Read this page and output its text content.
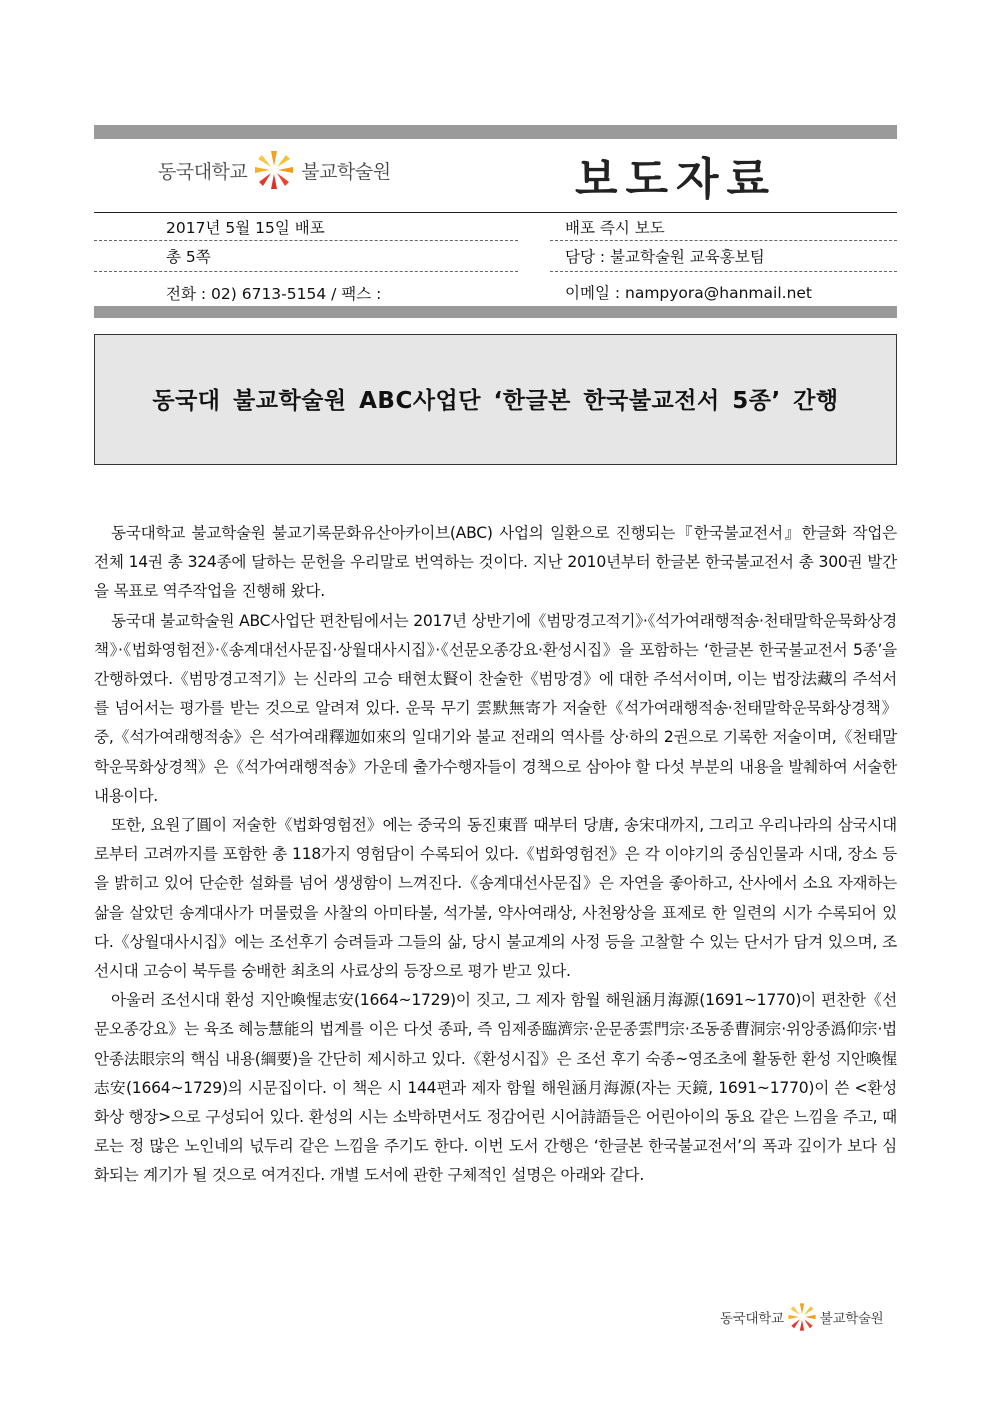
동국대학교	불교학술원	보도자료
2017년 5월 15일 배포	배포 즉시 보도
총 5쪽	담당 : 불교학술원 교육홍보팀
전화 : 02) 6713-5154 / 팩스 :	이메일 : nampyora@hanmail.net
동국대 불교학술원 ABC사업단 ‘한글본 한국불교전서 5종’ 간행

동국대학교 불교학술원 불교기록문화유산아카이브(ABC) 사업의 일환으로 진행되는『한국불교전서』한글화 작업은 전체 14권 총 324종에 달하는 문헌을 우리말로 번역하는 것이다. 지난 2010년부터 한글본 한국불교전서 총 300권 발간을 목표로 역주작업을 진행해 왔다.

동국대 불교학술원 ABC사업단 편찬팀에서는 2017년 상반기에《범망경고적기》·《석가여래행적송·천태말학운묵화상경책》·《법화영험전》·《송계대선사문집·상월대사시집》·《선문오종강요·환성시집》을 포함하는 ‘한글본 한국불교전서 5종’을 간행하였다.《범망경고적기》는 신라의 고승 태현太賢이 찬술한《범망경》에 대한 주석서이며, 이는 법장法藏의 주석서를 넘어서는 평가를 받는 것으로 알려져 있다. 운묵 무기 雲默無寄가 저술한《석가여래행적송·천태말학운묵화상경책》중,《석가여래행적송》은 석가여래釋迦如來의 일대기와 불교 전래의 역사를 상·하의 2권으로 기록한 저술이며,《천태말학운묵화상경책》은《석가여래행적송》가운데 출가수행자들이 경책으로 삼아야 할 다섯 부분의 내용을 발췌하여 서술한 내용이다.

또한, 요원了圓이 저술한《법화영험전》에는 중국의 동진東晋 때부터 당唐, 송宋대까지, 그리고 우리나라의 삼국시대로부터 고려까지를 포함한 총 118가지 영험담이 수록되어 있다.《법화영험전》은 각 이야기의 중심인물과 시대, 장소 등을 밝히고 있어 단순한 설화를 넘어 생생함이 느껴진다.《송계대선사문집》은 자연을 좋아하고, 산사에서 소요 자재하는 삶을 살았던 송계대사가 머물렀을 사찰의 아미타불, 석가불, 약사여래상, 사천왕상을 표제로 한 일련의 시가 수록되어 있다.《상월대사시집》에는 조선후기 승려들과 그들의 삶, 당시 불교계의 사정 등을 고찰할 수 있는 단서가 담겨 있으며, 조선시대 고승이 북두를 숭배한 최초의 사료상의 등장으로 평가 받고 있다.

아울러 조선시대 환성 지안喚惺志安(1664~1729)이 짓고, 그 제자 함월 해원涵月海源(1691~1770)이 편찬한《선문오종강요》는 육조 혜능慧能의 법계를 이은 다섯 종파, 즉 임제종臨濟宗·운문종雲門宗·조동종曹洞宗·위앙종潙仰宗·법안종法眼宗의 핵심 내용(綱要)을 간단히 제시하고 있다.《환성시집》은 조선 후기 숙종~영조초에 활동한 환성 지안喚惺志安(1664~1729)의 시문집이다. 이 책은 시 144편과 제자 함월 해원涵月海源(자는 天鏡, 1691~1770)이 쓴 <환성 화상 행장>으로 구성되어 있다. 환성의 시는 소박하면서도 정감어린 시어詩語들은 어린아이의 동요 같은 느낌을 주고, 때로는 정 많은 노인네의 넋두리 같은 느낌을 주기도 한다. 이번 도서 간행은 ‘한글본 한국불교전서’의 폭과 깊이가 보다 심화되는 계기가 될 것으로 여겨진다. 개별 도서에 관한 구체적인 설명은 아래와 같다.

동국대학교	불교학술원
